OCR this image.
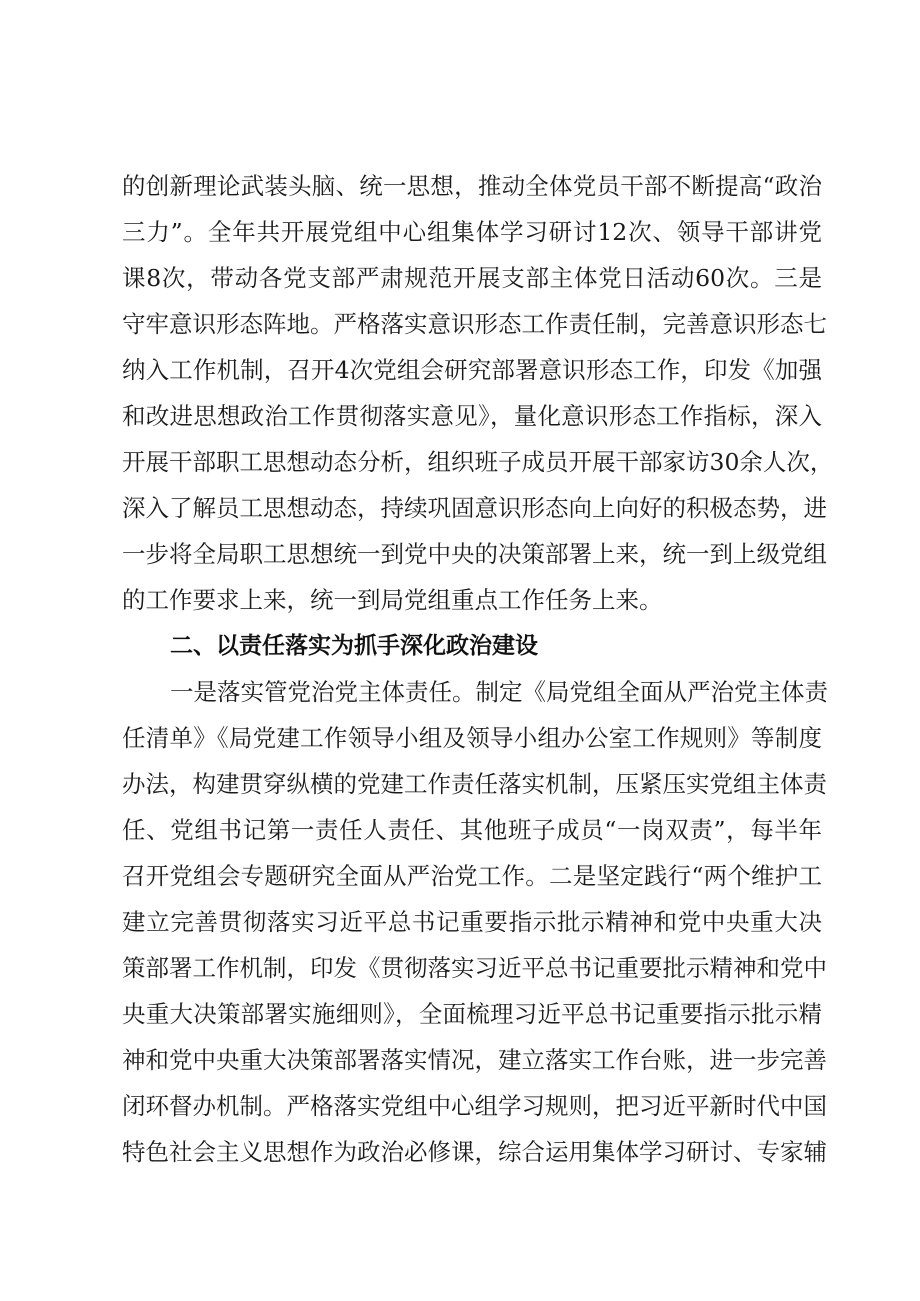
的创新理论武装头脑、统一思想，推动全体党员干部不断提高“政治
三力”。全年共开展党组中心组集体学习研讨12次、领导干部讲党
课8次，带动各党支部严肃规范开展支部主体党日活动60次。三是
守牢意识形态阵地。严格落实意识形态工作责任制，完善意识形态七
纳入工作机制，召开4次党组会研究部署意识形态工作，印发《加强
和改进思想政治工作贯彻落实意见》，量化意识形态工作指标，深入
开展干部职工思想动态分析，组织班子成员开展干部家访30余人次，
深入了解员工思想动态，持续巩固意识形态向上向好的积极态势，进
一步将全局职工思想统一到党中央的决策部署上来，统一到上级党组
的工作要求上来，统一到局党组重点工作任务上来。
二、以责任落实为抓手深化政治建设
一是落实管党治党主体责任。制定《局党组全面从严治党主体责
任清单》《局党建工作领导小组及领导小组办公室工作规则》等制度
办法，构建贯穿纵横的党建工作责任落实机制，压紧压实党组主体责
任、党组书记第一责任人责任、其他班子成员“一岗双责”，每半年
召开党组会专题研究全面从严治党工作。二是坚定践行“两个维护工
建立完善贯彻落实习近平总书记重要指示批示精神和党中央重大决
策部署工作机制，印发《贯彻落实习近平总书记重要批示精神和党中
央重大决策部署实施细则》，全面梳理习近平总书记重要指示批示精
神和党中央重大决策部署落实情况，建立落实工作台账，进一步完善
闭环督办机制。严格落实党组中心组学习规则，把习近平新时代中国
特色社会主义思想作为政治必修课，综合运用集体学习研讨、专家辅
